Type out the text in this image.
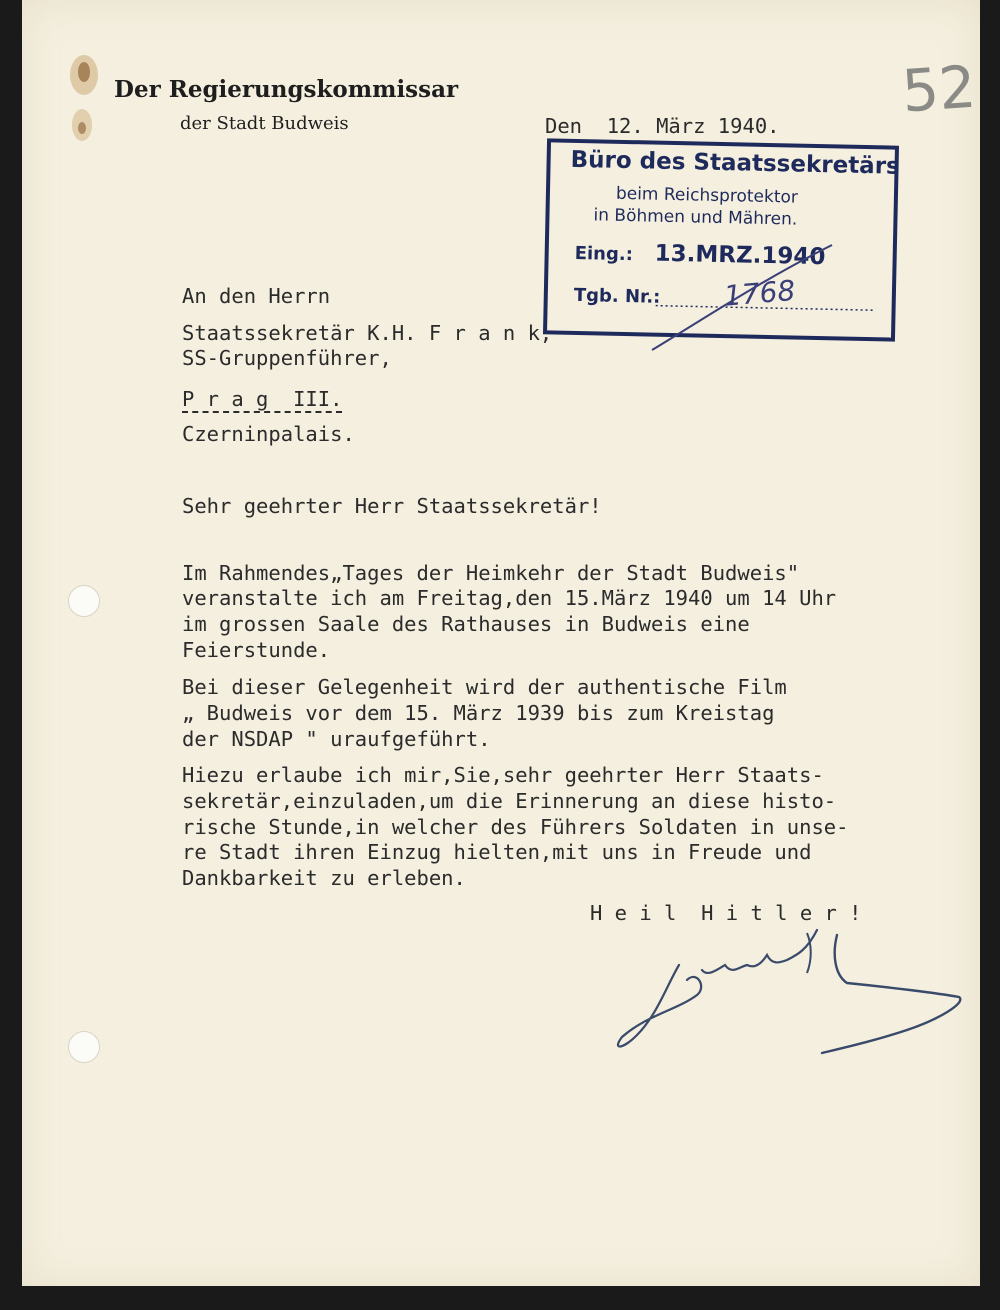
Der Regierungskommissar
der Stadt Budweis	Den  12. März 1940.
52
Büro des Staatssekretärs
beim Reichsprotektor
in Böhmen und Mähren.
Eing.: 13.MRZ.1940
Tgb. Nr.: 1768
An den Herrn
Staatssekretär K.H. F r a n k,
SS-Gruppenführer,
P r a g  III.
Czerninpalais.
Sehr geehrter Herr Staatssekretär!
Im Rahmendes„Tages der Heimkehr der Stadt Budweis"
veranstalte ich am Freitag,den 15.März 1940 um 14 Uhr
im grossen Saale des Rathauses in Budweis eine
Feierstunde.
Bei dieser Gelegenheit wird der authentische Film
„ Budweis vor dem 15. März 1939 bis zum Kreistag
der NSDAP " uraufgeführt.
Hiezu erlaube ich mir,Sie,sehr geehrter Herr Staats-
sekretär,einzuladen,um die Erinnerung an diese histo-
rische Stunde,in welcher des Führers Soldaten in unse-
re Stadt ihren Einzug hielten,mit uns in Freude und
Dankbarkeit zu erleben.
H e i l  H i t l e r !
